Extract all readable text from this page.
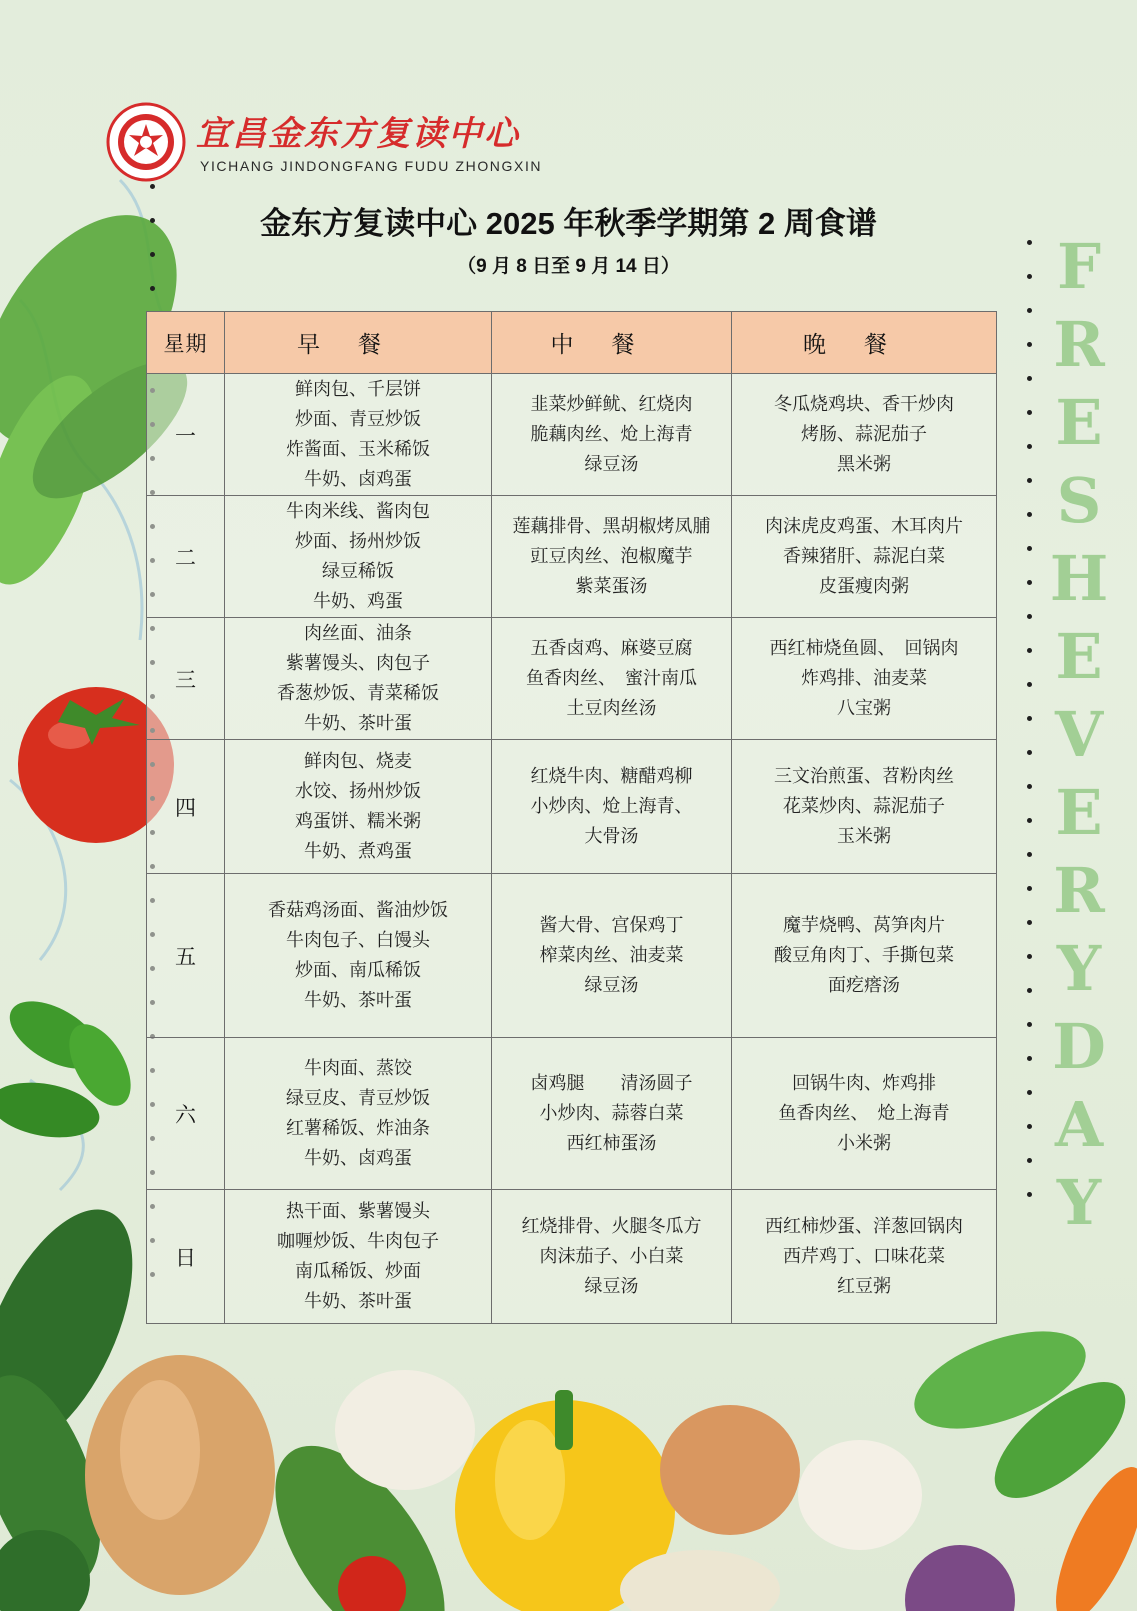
F
R
E
S
H
E
V
E
R
Y
D
A
Y
宜昌金东方复读中心
YICHANG JINDONGFANG FUDU ZHONGXIN
金东方复读中心 2025 年秋季学期第 2 周食谱
（9 月 8 日至 9 月 14 日）
星期	早餐	中餐	晚餐
一	鲜肉包、千层饼
炒面、青豆炒饭
炸酱面、玉米稀饭
牛奶、卤鸡蛋	韭菜炒鲜鱿、红烧肉
脆藕肉丝、炝上海青
绿豆汤	冬瓜烧鸡块、香干炒肉
烤肠、蒜泥茄子
黑米粥

二	牛肉米线、酱肉包
炒面、扬州炒饭
绿豆稀饭
牛奶、鸡蛋	莲藕排骨、黑胡椒烤凤脯
豇豆肉丝、泡椒魔芋
紫菜蛋汤	肉沫虎皮鸡蛋、木耳肉片
香辣猪肝、蒜泥白菜
皮蛋瘦肉粥

三	肉丝面、油条
紫薯馒头、肉包子
香葱炒饭、青菜稀饭
牛奶、茶叶蛋	五香卤鸡、麻婆豆腐
鱼香肉丝、　蜜汁南瓜
土豆肉丝汤	西红柿烧鱼圆、　回锅肉
炸鸡排、油麦菜
八宝粥

四	鲜肉包、烧麦
水饺、扬州炒饭
鸡蛋饼、糯米粥
牛奶、煮鸡蛋	红烧牛肉、糖醋鸡柳
小炒肉、炝上海青、
大骨汤	三文治煎蛋、苕粉肉丝
花菜炒肉、蒜泥茄子
玉米粥

五	香菇鸡汤面、酱油炒饭
牛肉包子、白馒头
炒面、南瓜稀饭
牛奶、茶叶蛋	酱大骨、宫保鸡丁
榨菜肉丝、油麦菜
绿豆汤	魔芋烧鸭、莴笋肉片
酸豆角肉丁、手撕包菜
面疙瘩汤

六	牛肉面、蒸饺
绿豆皮、青豆炒饭
红薯稀饭、炸油条
牛奶、卤鸡蛋	卤鸡腿　　清汤圆子
小炒肉、蒜蓉白菜
西红柿蛋汤	回锅牛肉、炸鸡排
鱼香肉丝、　炝上海青
小米粥

日	热干面、紫薯馒头
咖喱炒饭、牛肉包子
南瓜稀饭、炒面
牛奶、茶叶蛋	红烧排骨、火腿冬瓜方
肉沫茄子、小白菜
绿豆汤	西红柿炒蛋、洋葱回锅肉
西芹鸡丁、口味花菜
红豆粥
